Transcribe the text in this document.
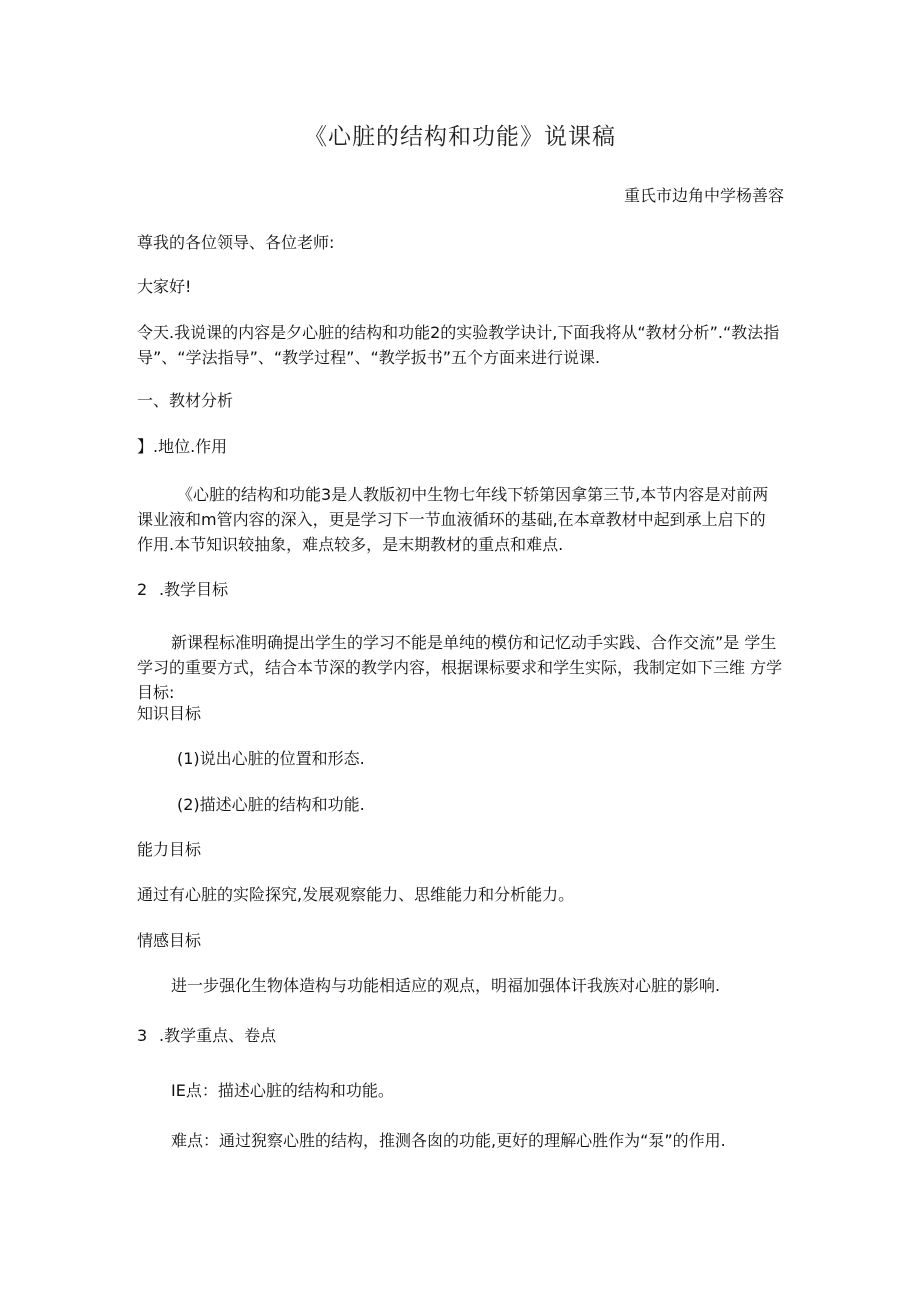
《心脏的结构和功能》说课稿

重氏市边角中学杨善容

尊我的各位领导、各位老师:

大家好!

令天.我说课的内容是夕心脏的结构和功能2的实验教学诀计,下面我将从“教材分析”.“教法指导”、“学法指导”、“教学过程”、“教学扳书”五个方面来进行说课.

一、教材分析

】.地位.作用

《心脏的结构和功能3是人教版初中生物七年线下轿第因拿第三节,本节内容是对前两 课业液和m管内容的深入，更是学习下一节血液循环的基础,在本章教材中起到承上启下的 作用.本节知识较抽象，难点较多，是末期教材的重点和难点.

2 .教学目标

新课程标准明确提出学生的学习不能是单纯的模仿和记忆动手实践、合作交流”是 学生学习的重要方式，结合本节深的教学内容，根据课标要求和学生实际，我制定如下三维 方学目标:

知识目标

(1)说出心脏的位置和形态.

(2)描述心脏的结构和功能.

能力目标

通过有心脏的实险探究,发展观察能力、思维能力和分析能力。

情感目标

进一步强化生物体造构与功能相适应的观点，明福加强体讦我族对心脏的影响.

3 .教学重点、卷点

IE点：描述心脏的结构和功能。

难点：通过猊察心胜的结构，推测各囱的功能,更好的理解心胜作为“泵”的作用.
